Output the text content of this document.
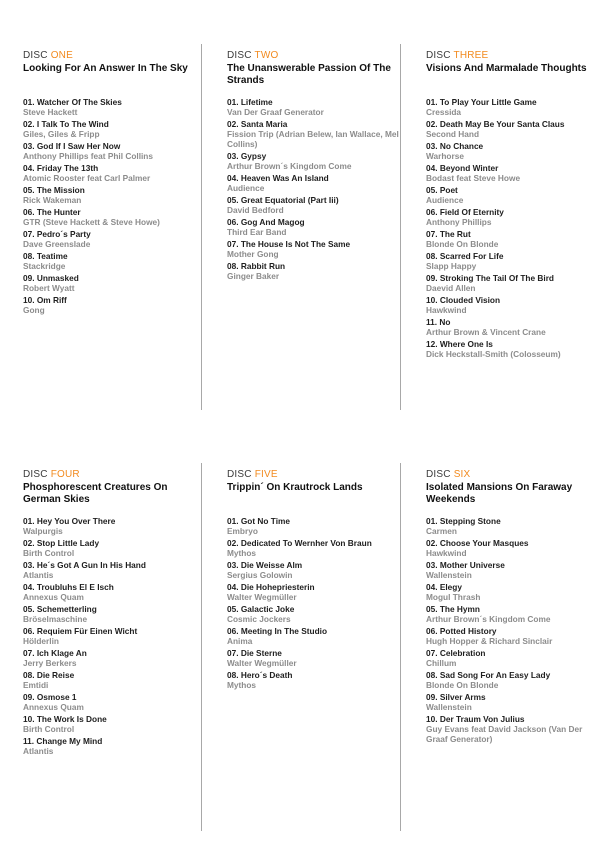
DISC ONE
Looking For An Answer In The Sky
01. Watcher Of The Skies
Steve Hackett
02. I Talk To The Wind
Giles, Giles & Fripp
03. God If I Saw Her Now
Anthony Phillips feat Phil Collins
04. Friday The 13th
Atomic Rooster feat Carl Palmer
05. The Mission
Rick Wakeman
06. The Hunter
GTR (Steve Hackett & Steve Howe)
07. Pedro´s Party
Dave Greenslade
08. Teatime
Stackridge
09. Unmasked
Robert Wyatt
10. Om Riff
Gong
DISC TWO
The Unanswerable Passion Of The Strands
01. Lifetime
Van Der Graaf Generator
02. Santa Maria
Fission Trip (Adrian Belew, Ian Wallace, Mel Collins)
03. Gypsy
Arthur Brown´s Kingdom Come
04. Heaven Was An Island
Audience
05. Great Equatorial (Part Iii)
David Bedford
06. Gog And Magog
Third Ear Band
07. The House Is Not The Same
Mother Gong
08. Rabbit Run
Ginger Baker
DISC THREE
Visions And Marmalade Thoughts
01. To Play Your Little Game
Cressida
02. Death May Be Your Santa Claus
Second Hand
03. No Chance
Warhorse
04. Beyond Winter
Bodast feat Steve Howe
05. Poet
Audience
06. Field Of Eternity
Anthony Phillips
07. The Rut
Blonde On Blonde
08. Scarred For Life
Slapp Happy
09. Stroking The Tail Of The Bird
Daevid Allen
10. Clouded Vision
Hawkwind
11. No
Arthur Brown & Vincent Crane
12. Where One Is
Dick Heckstall-Smith (Colosseum)
DISC FOUR
Phosphorescent Creatures On German Skies
01. Hey You Over There
Walpurgis
02. Stop Little Lady
Birth Control
03. He´s Got A Gun In His Hand
Atlantis
04. Troubluhs El E Isch
Annexus Quam
05. Schemetterling
Bröselmaschine
06. Requiem Für Einen Wicht
Hölderlin
07. Ich Klage An
Jerry Berkers
08. Die Reise
Emtidi
09. Osmose 1
Annexus Quam
10. The Work Is Done
Birth Control
11. Change My Mind
Atlantis
DISC FIVE
Trippin´ On Krautrock Lands
01. Got No Time
Embryo
02. Dedicated To Wernher Von Braun
Mythos
03. Die Weisse Alm
Sergius Golowin
04. Die Hohepriesterin
Walter Wegmüller
05. Galactic Joke
Cosmic Jockers
06. Meeting In The Studio
Anima
07. Die Sterne
Walter Wegmüller
08. Hero´s Death
Mythos
DISC SIX
Isolated Mansions On Faraway Weekends
01. Stepping Stone
Carmen
02. Choose Your Masques
Hawkwind
03. Mother Universe
Wallenstein
04. Elegy
Mogul Thrash
05. The Hymn
Arthur Brown´s Kingdom Come
06. Potted History
Hugh Hopper & Richard Sinclair
07. Celebration
Chillum
08. Sad Song For An Easy Lady
Blonde On Blonde
09. Silver Arms
Wallenstein
10. Der Traum Von Julius
Guy Evans feat David Jackson (Van Der Graaf Generator)
